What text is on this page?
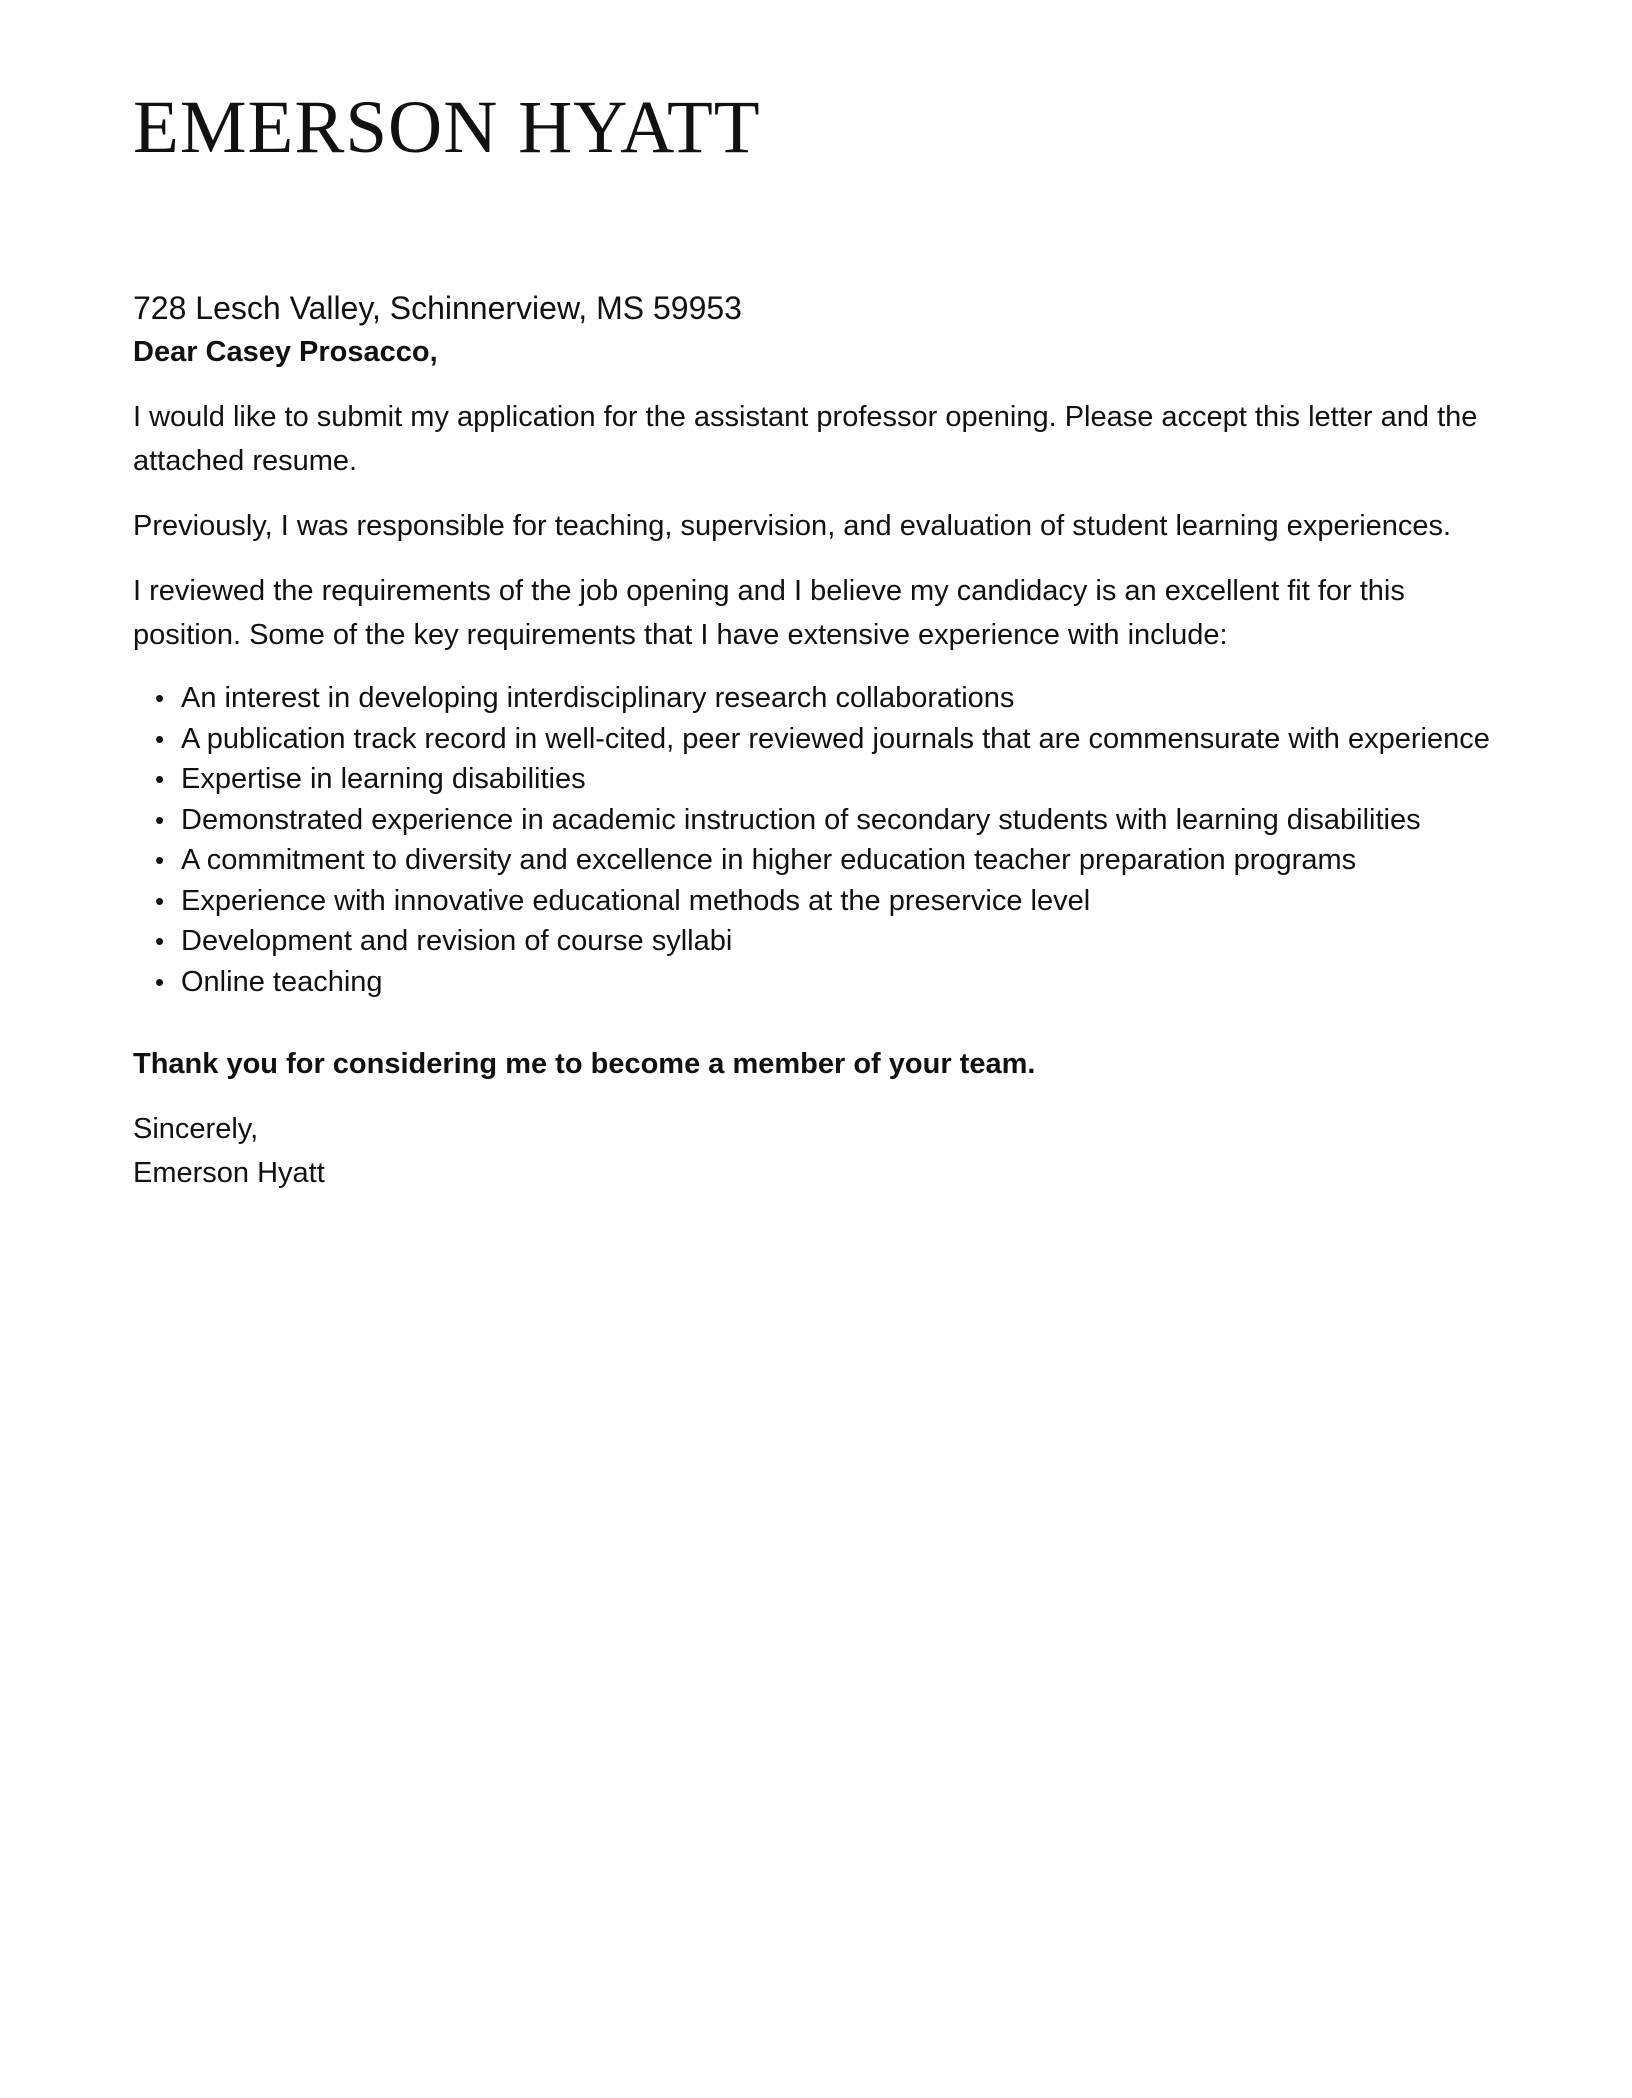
EMERSON HYATT
728 Lesch Valley, Schinnerview, MS 59953

Dear Casey Prosacco,

I would like to submit my application for the assistant professor opening. Please accept this letter and the attached resume.

Previously, I was responsible for teaching, supervision, and evaluation of student learning experiences.

I reviewed the requirements of the job opening and I believe my candidacy is an excellent fit for this position. Some of the key requirements that I have extensive experience with include:

• An interest in developing interdisciplinary research collaborations
• A publication track record in well-cited, peer reviewed journals that are commensurate with experience
• Expertise in learning disabilities
• Demonstrated experience in academic instruction of secondary students with learning disabilities
• A commitment to diversity and excellence in higher education teacher preparation programs
• Experience with innovative educational methods at the preservice level
• Development and revision of course syllabi
• Online teaching

Thank you for considering me to become a member of your team.

Sincerely,

Emerson Hyatt
